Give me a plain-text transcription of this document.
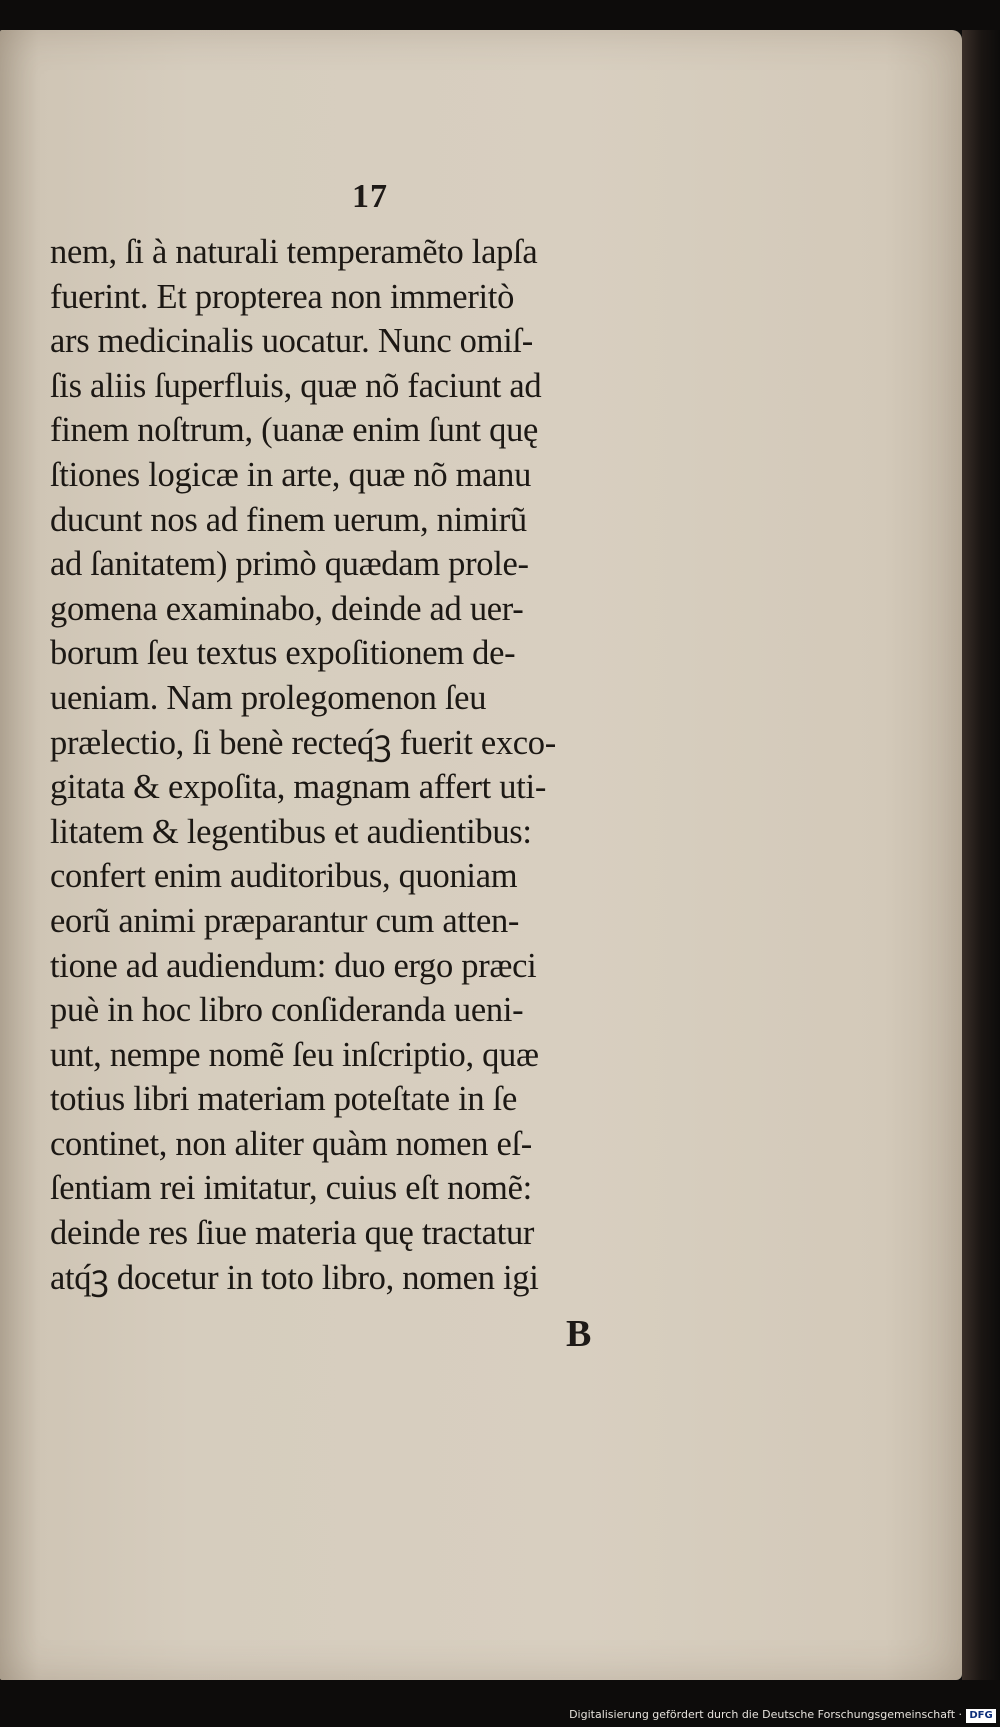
17
nem, ſi à naturali temperamẽto lapſa
fuerint. Et propterea non immeritò
ars medicinalis uocatur. Nunc omiſ-
ſis aliis ſuperfluis, quæ nõ faciunt ad
finem noſtrum, (uanæ enim ſunt quę
ſtiones logicæ in arte, quæ nõ manu
ducunt nos ad finem uerum, nimirũ
ad ſanitatem) primò quædam prole-
gomena examinabo, deinde ad uer-
borum ſeu textus expoſitionem de-
ueniam. Nam prolegomenon ſeu
prælectio, ſi benè recteq́ꝫ fuerit exco-
gitata & expoſita, magnam affert uti-
litatem & legentibus et audientibus:
confert enim auditoribus, quoniam
eorũ animi præparantur cum atten-
tione ad audiendum: duo ergo præci
puè in hoc libro conſideranda ueni-
unt, nempe nomẽ ſeu inſcriptio, quæ
totius libri materiam poteſtate in ſe
continet, non aliter quàm nomen eſ-
ſentiam rei imitatur, cuius eſt nomẽ:
deinde res ſiue materia quę tractatur
atq́ꝫ docetur in toto libro, nomen igi
B
Digitalisierung gefördert durch die Deutsche Forschungsgemeinschaft · DFG
